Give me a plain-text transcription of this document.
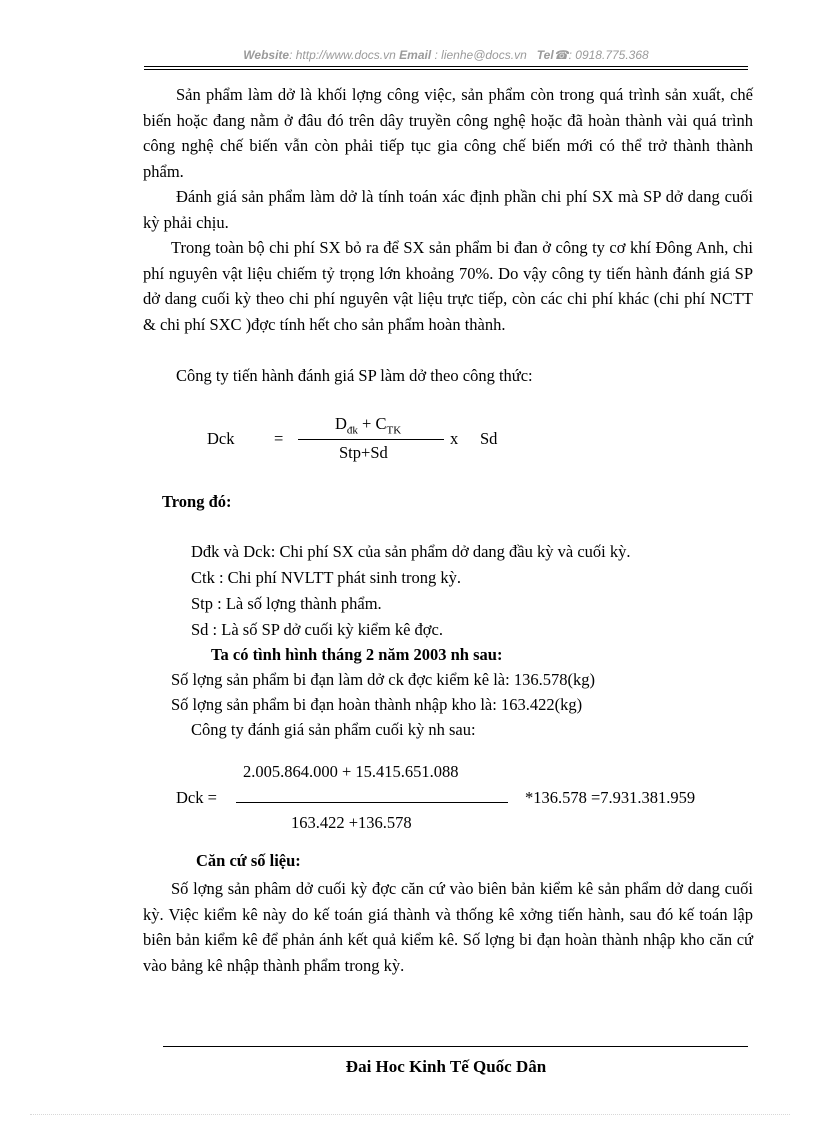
Website: http://www.docs.vn Email : lienhe@docs.vn Tel☎: 0918.775.368
Sản phẩm làm dở là khối lợng công việc, sản phẩm còn trong quá trình sản xuất, chế biến hoặc đang nằm ở đâu đó trên dây truyền công nghệ hoặc đã hoàn thành vài quá trình công nghệ chế biến vẫn còn phải tiếp tục gia công chế biến mới có thể trở thành thành phẩm.
Đánh giá sản phẩm làm dở là tính toán xác định phần chi phí SX mà SP dở dang cuối kỳ phải chịu.
Trong toàn bộ chi phí SX bỏ ra để SX sản phẩm bi đan ở công ty cơ khí Đông Anh, chi phí nguyên vật liệu chiếm tỷ trọng lớn khoảng 70%. Do vậy công ty tiến hành đánh giá SP dở dang cuối kỳ theo chi phí nguyên vật liệu trực tiếp, còn các chi phí khác (chi phí NCTT & chi phí SXC )đợc tính hết cho sản phẩm hoàn thành.
Công ty tiến hành đánh giá SP làm dở theo công thức:
Dck =
$D_{đk} + C_{TK}$
Stp+Sd
x Sd
Trong đó:
Dđk và Dck: Chi phí SX của sản phẩm dở dang đầu kỳ và cuối kỳ.
Ctk : Chi phí NVLTT phát sinh trong kỳ.
Stp : Là số lợng thành phẩm.
Sd : Là số SP dở cuối kỳ kiểm kê đợc.
Ta có tình hình tháng 2 năm 2003 nh sau:
Số lợng sản phẩm bi đạn làm dở ck đợc kiểm kê là: 136.578(kg)
Số lợng sản phẩm bi đạn hoàn thành nhập kho là: 163.422(kg)
Công ty đánh giá sản phẩm cuối kỳ nh sau:
2.005.864.000 + 15.415.651.088
Dck =	*136.578 =7.931.381.959
163.422 +136.578
Căn cứ số liệu:
Số lợng sản phâm dở cuối kỳ đợc căn cứ vào biên bản kiểm kê sản phẩm dở dang cuối kỳ. Việc kiểm kê này do kế toán giá thành và thống kê xởng tiến hành, sau đó kế toán lập biên bản kiểm kê để phản ánh kết quả kiểm kê. Số lợng bi đạn hoàn thành nhập kho căn cứ vào bảng kê nhập thành phẩm trong kỳ.
Đai Hoc Kinh Tế Quốc Dân
